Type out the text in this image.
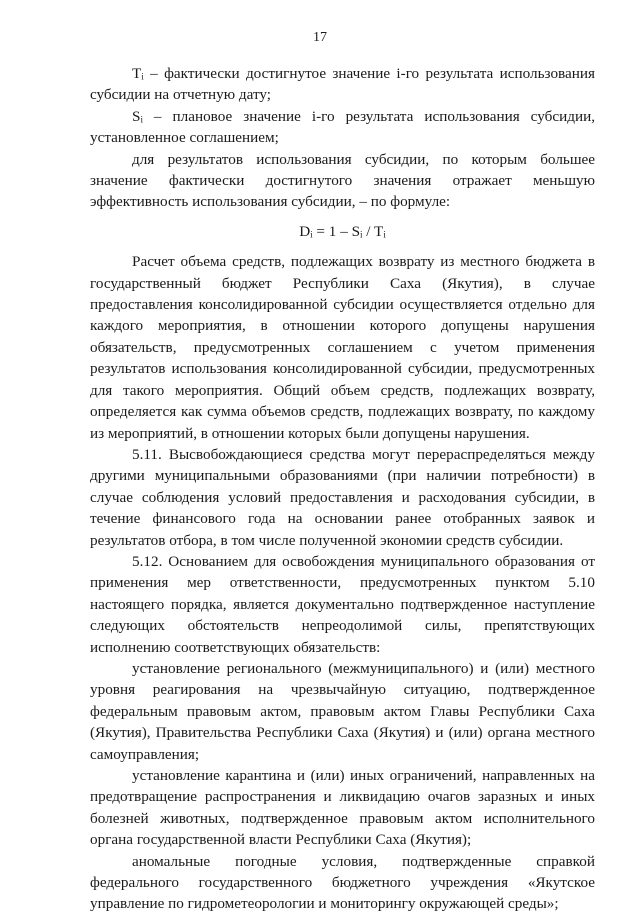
17

Tᵢ – фактически достигнутое значение i-го результата использования субсидии на отчетную дату;

Sᵢ – плановое значение i-го результата использования субсидии, установленное соглашением;

для результатов использования субсидии, по которым большее значение фактически достигнутого значения отражает меньшую эффективность использования субсидии, – по формуле:

Dᵢ = 1 – Sᵢ / Tᵢ

Расчет объема средств, подлежащих возврату из местного бюджета в государственный бюджет Республики Саха (Якутия), в случае предоставления консолидированной субсидии осуществляется отдельно для каждого мероприятия, в отношении которого допущены нарушения обязательств, предусмотренных соглашением с учетом применения результатов использования консолидированной субсидии, предусмотренных для такого мероприятия. Общий объем средств, подлежащих возврату, определяется как сумма объемов средств, подлежащих возврату, по каждому из мероприятий, в отношении которых были допущены нарушения.

5.11. Высвобождающиеся средства могут перераспределяться между другими муниципальными образованиями (при наличии потребности) в случае соблюдения условий предоставления и расходования субсидии, в течение финансового года на основании ранее отобранных заявок и результатов отбора, в том числе полученной экономии средств субсидии.

5.12. Основанием для освобождения муниципального образования от применения мер ответственности, предусмотренных пунктом 5.10 настоящего порядка, является документально подтвержденное наступление следующих обстоятельств непреодолимой силы, препятствующих исполнению соответствующих обязательств:

установление регионального (межмуниципального) и (или) местного уровня реагирования на чрезвычайную ситуацию, подтвержденное федеральным правовым актом, правовым актом Главы Республики Саха (Якутия), Правительства Республики Саха (Якутия) и (или) органа местного самоуправления;

установление карантина и (или) иных ограничений, направленных на предотвращение распространения и ликвидацию очагов заразных и иных болезней животных, подтвержденное правовым актом исполнительного органа государственной власти Республики Саха (Якутия);

аномальные погодные условия, подтвержденные справкой федерального государственного бюджетного учреждения «Якутское управление по гидрометеорологии и мониторингу окружающей среды»;
